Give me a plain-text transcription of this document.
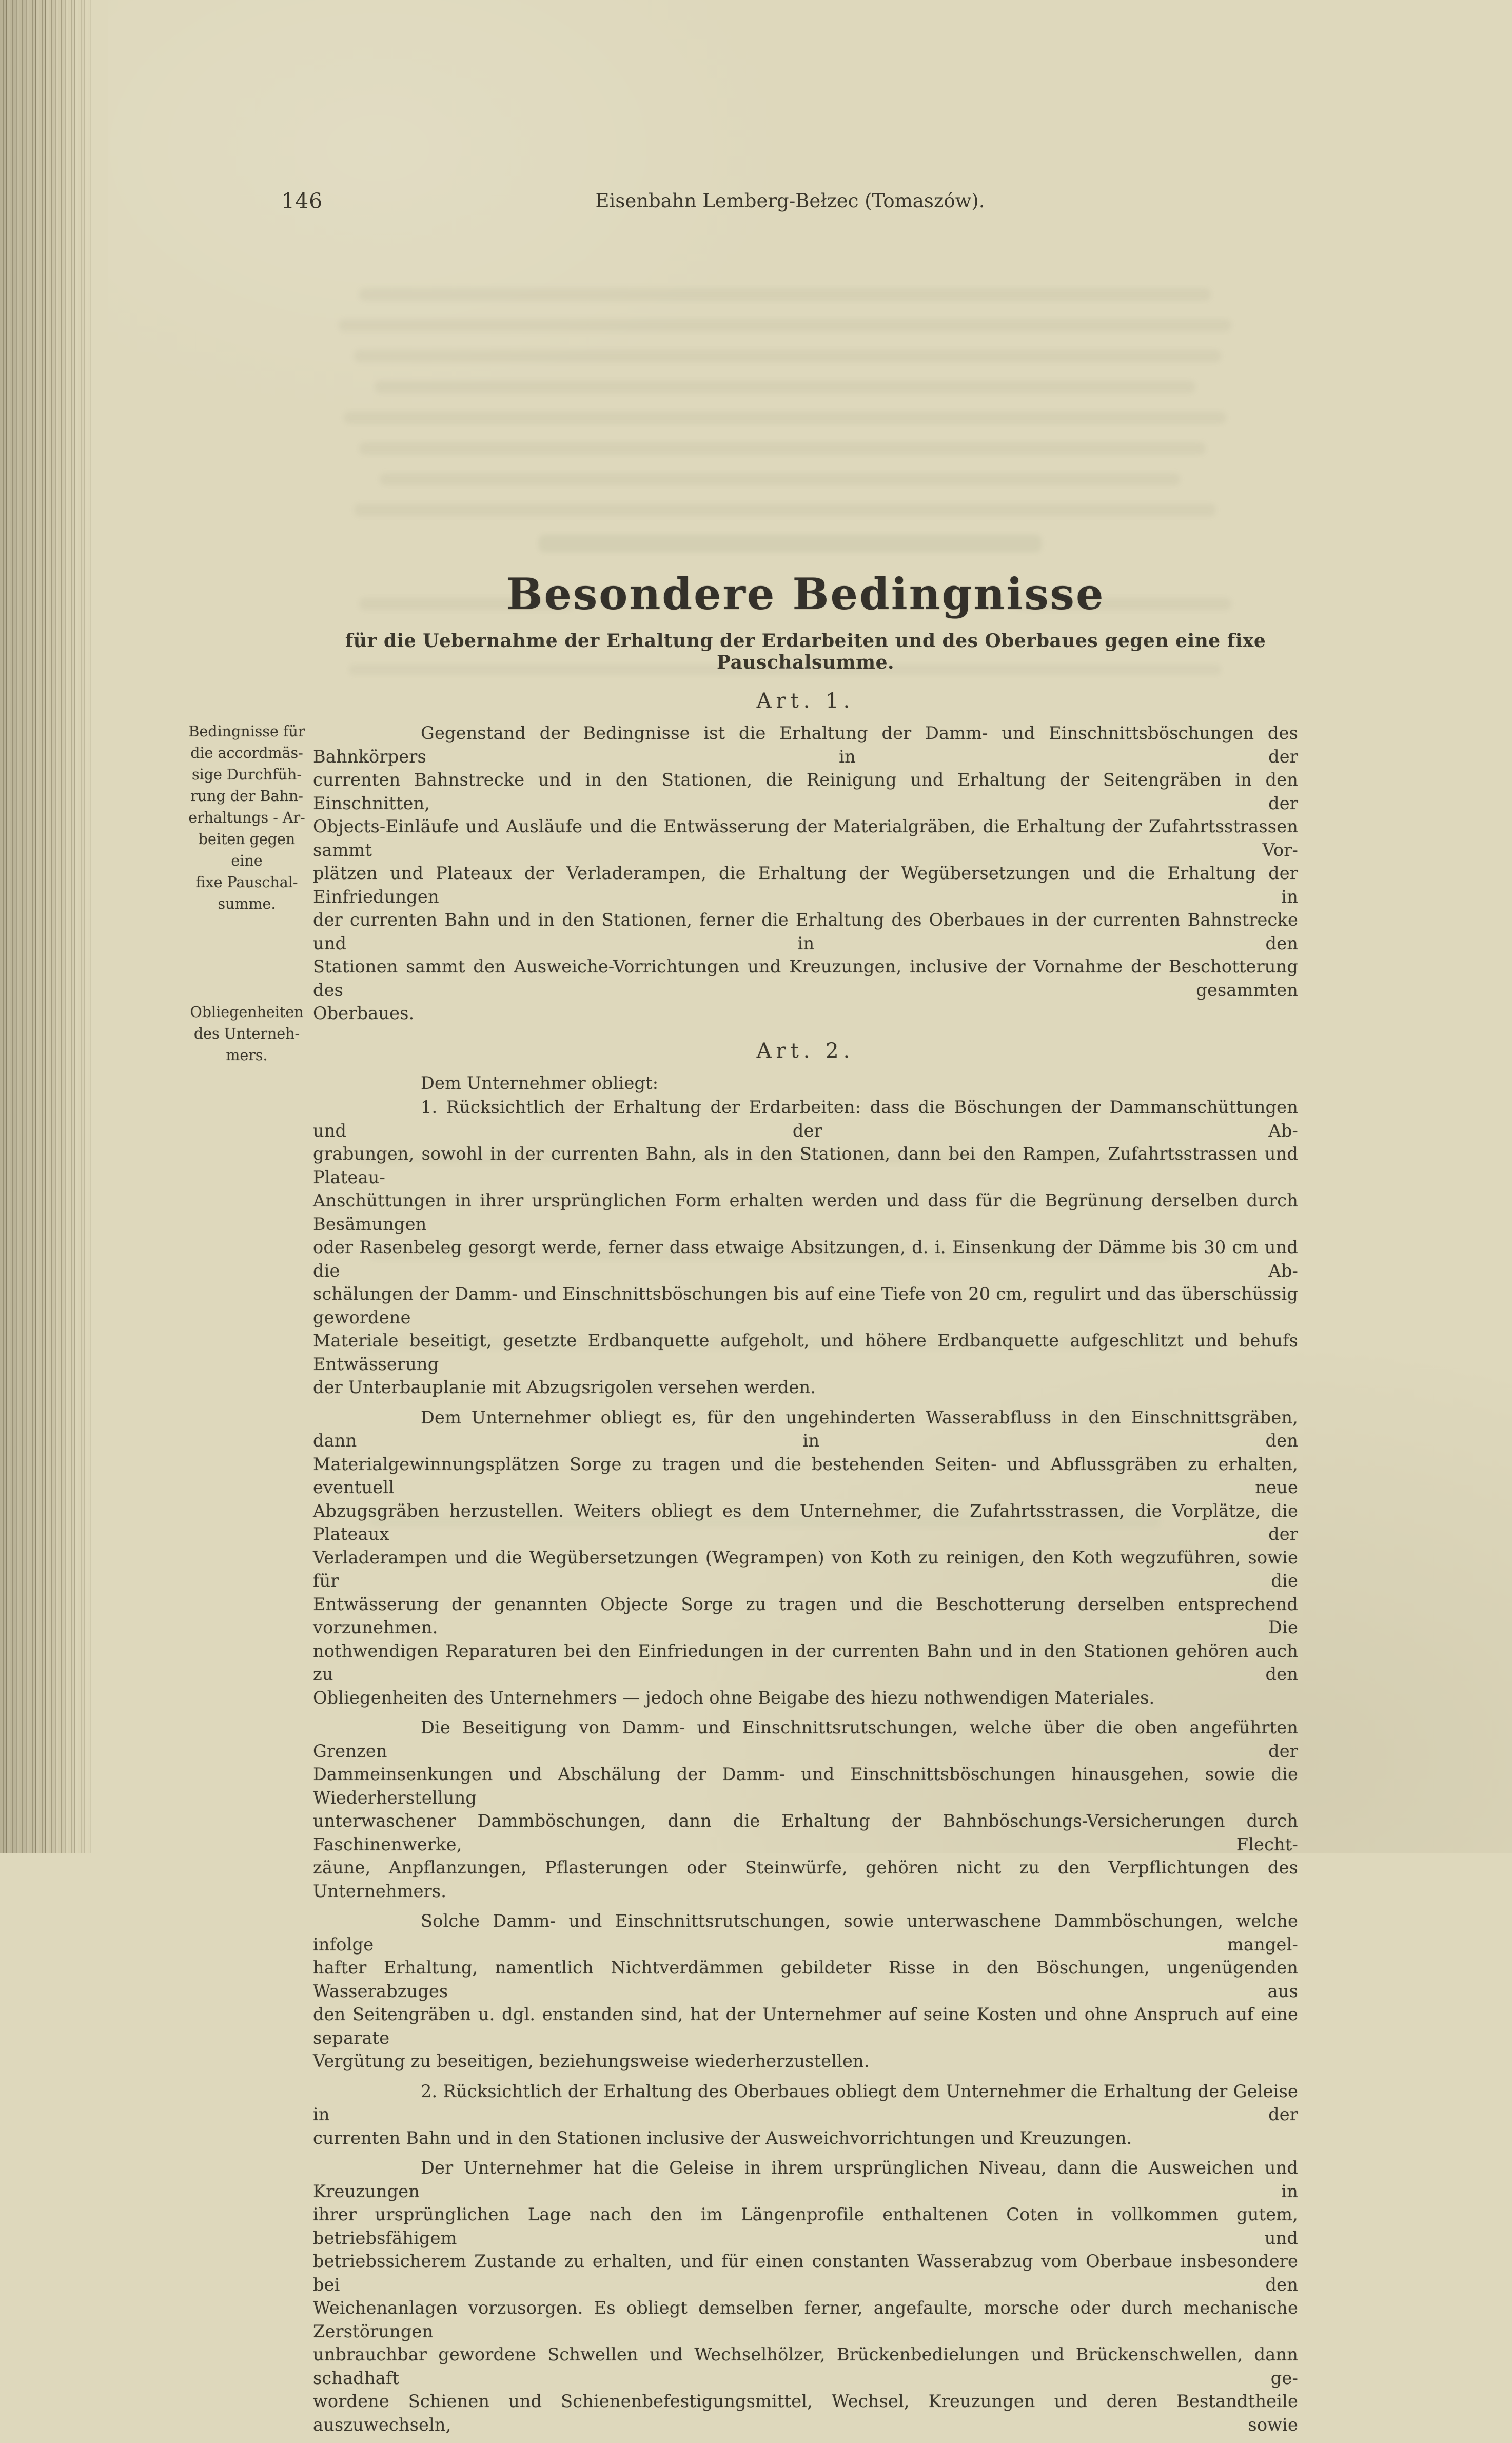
146	Eisenbahn Lemberg-Bełzec (Tomaszów).
Besondere Bedingnisse
für die Uebernahme der Erhaltung der Erdarbeiten und des Oberbaues gegen eine fixe Pauschalsumme.
Bedingnisse für
die accordmäs-
sige Durchfüh-
rung der Bahn-
erhaltungs - Ar-
beiten gegen eine
fixe Pauschal-
summe.
Obliegenheiten
des Unterneh-
mers.
Art. 1.
Gegenstand der Bedingnisse ist die Erhaltung der Damm- und Einschnittsböschungen des Bahnkörpers in der
currenten Bahnstrecke und in den Stationen, die Reinigung und Erhaltung der Seitengräben in den Einschnitten, der
Objects-Einläufe und Ausläufe und die Entwässerung der Materialgräben, die Erhaltung der Zufahrtsstrassen sammt Vor-
plätzen und Plateaux der Verladerampen, die Erhaltung der Wegübersetzungen und die Erhaltung der Einfriedungen in
der currenten Bahn und in den Stationen, ferner die Erhaltung des Oberbaues in der currenten Bahnstrecke und in den
Stationen sammt den Ausweiche-Vorrichtungen und Kreuzungen, inclusive der Vornahme der Beschotterung des gesammten
Oberbaues.
Art. 2.
Dem Unternehmer obliegt:
1. Rücksichtlich der Erhaltung der Erdarbeiten: dass die Böschungen der Dammanschüttungen und der Ab-
grabungen, sowohl in der currenten Bahn, als in den Stationen, dann bei den Rampen, Zufahrtsstrassen und Plateau-
Anschüttungen in ihrer ursprünglichen Form erhalten werden und dass für die Begrünung derselben durch Besämungen
oder Rasenbeleg gesorgt werde, ferner dass etwaige Absitzungen, d. i. Einsenkung der Dämme bis 30 cm und die Ab-
schälungen der Damm- und Einschnittsböschungen bis auf eine Tiefe von 20 cm, regulirt und das überschüssig gewordene
Materiale beseitigt, gesetzte Erdbanquette aufgeholt, und höhere Erdbanquette aufgeschlitzt und behufs Entwässerung
der Unterbauplanie mit Abzugsrigolen versehen werden.
Dem Unternehmer obliegt es, für den ungehinderten Wasserabfluss in den Einschnittsgräben, dann in den
Materialgewinnungsplätzen Sorge zu tragen und die bestehenden Seiten- und Abflussgräben zu erhalten, eventuell neue
Abzugsgräben herzustellen. Weiters obliegt es dem Unternehmer, die Zufahrtsstrassen, die Vorplätze, die Plateaux der
Verladerampen und die Wegübersetzungen (Wegrampen) von Koth zu reinigen, den Koth wegzuführen, sowie für die
Entwässerung der genannten Objecte Sorge zu tragen und die Beschotterung derselben entsprechend vorzunehmen. Die
nothwendigen Reparaturen bei den Einfriedungen in der currenten Bahn und in den Stationen gehören auch zu den
Obliegenheiten des Unternehmers — jedoch ohne Beigabe des hiezu nothwendigen Materiales.
Die Beseitigung von Damm- und Einschnittsrutschungen, welche über die oben angeführten Grenzen der
Dammeinsenkungen und Abschälung der Damm- und Einschnittsböschungen hinausgehen, sowie die Wiederherstellung
unterwaschener Dammböschungen, dann die Erhaltung der Bahnböschungs-Versicherungen durch Faschinenwerke, Flecht-
zäune, Anpflanzungen, Pflasterungen oder Steinwürfe, gehören nicht zu den Verpflichtungen des Unternehmers.
Solche Damm- und Einschnittsrutschungen, sowie unterwaschene Dammböschungen, welche infolge mangel-
hafter Erhaltung, namentlich Nichtverdämmen gebildeter Risse in den Böschungen, ungenügenden Wasserabzuges aus
den Seitengräben u. dgl. enstanden sind, hat der Unternehmer auf seine Kosten und ohne Anspruch auf eine separate
Vergütung zu beseitigen, beziehungsweise wiederherzustellen.
2. Rücksichtlich der Erhaltung des Oberbaues obliegt dem Unternehmer die Erhaltung der Geleise in der
currenten Bahn und in den Stationen inclusive der Ausweichvorrichtungen und Kreuzungen.
Der Unternehmer hat die Geleise in ihrem ursprünglichen Niveau, dann die Ausweichen und Kreuzungen in
ihrer ursprünglichen Lage nach den im Längenprofile enthaltenen Coten in vollkommen gutem, betriebsfähigem und
betriebssicherem Zustande zu erhalten, und für einen constanten Wasserabzug vom Oberbaue insbesondere bei den
Weichenanlagen vorzusorgen. Es obliegt demselben ferner, angefaulte, morsche oder durch mechanische Zerstörungen
unbrauchbar gewordene Schwellen und Wechselhölzer, Brückenbedielungen und Brückenschwellen, dann schadhaft ge-
wordene Schienen und Schienenbefestigungsmittel, Wechsel, Kreuzungen und deren Bestandtheile auszuwechseln, sowie
